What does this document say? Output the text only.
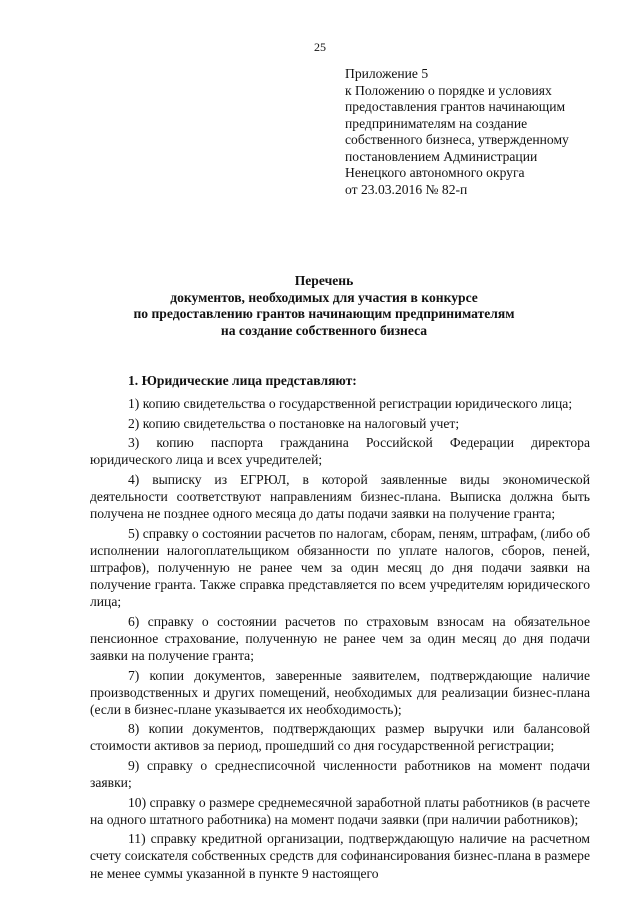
25
Приложение 5
к Положению о порядке и условиях
предоставления грантов начинающим
предпринимателям на создание
собственного бизнеса, утвержденному
постановлением Администрации
Ненецкого автономного округа
от 23.03.2016 № 82-п
Перечень
документов, необходимых для участия в конкурсе
по предоставлению грантов начинающим предпринимателям
на создание собственного бизнеса
1. Юридические лица представляют:

1) копию свидетельства о государственной регистрации юридического лица;

2) копию свидетельства о постановке на налоговый учет;

3) копию паспорта гражданина Российской Федерации директора юридического лица и всех учредителей;

4) выписку из ЕГРЮЛ, в которой заявленные виды экономической деятельности соответствуют направлениям бизнес-плана. Выписка должна быть получена не позднее одного месяца до даты подачи заявки на получение гранта;

5) справку о состоянии расчетов по налогам, сборам, пеням, штрафам, (либо об исполнении налогоплательщиком обязанности по уплате налогов, сборов, пеней, штрафов), полученную не ранее чем за один месяц до дня подачи заявки на получение гранта. Также справка представляется по всем учредителям юридического лица;

6) справку о состоянии расчетов по страховым взносам на обязательное пенсионное страхование, полученную не ранее чем за один месяц до дня подачи заявки на получение гранта;

7) копии документов, заверенные заявителем, подтверждающие наличие производственных и других помещений, необходимых для реализации бизнес-плана (если в бизнес-плане указывается их необходимость);

8) копии документов, подтверждающих размер выручки или балансовой стоимости активов за период, прошедший со дня государственной регистрации;

9) справку о среднесписочной численности работников на момент подачи заявки;

10) справку о размере среднемесячной заработной платы работников (в расчете на одного штатного работника) на момент подачи заявки (при наличии работников);

11) справку кредитной организации, подтверждающую наличие на расчетном счету соискателя собственных средств для софинансирования бизнес-плана в размере не менее суммы указанной в пункте 9 настоящего
